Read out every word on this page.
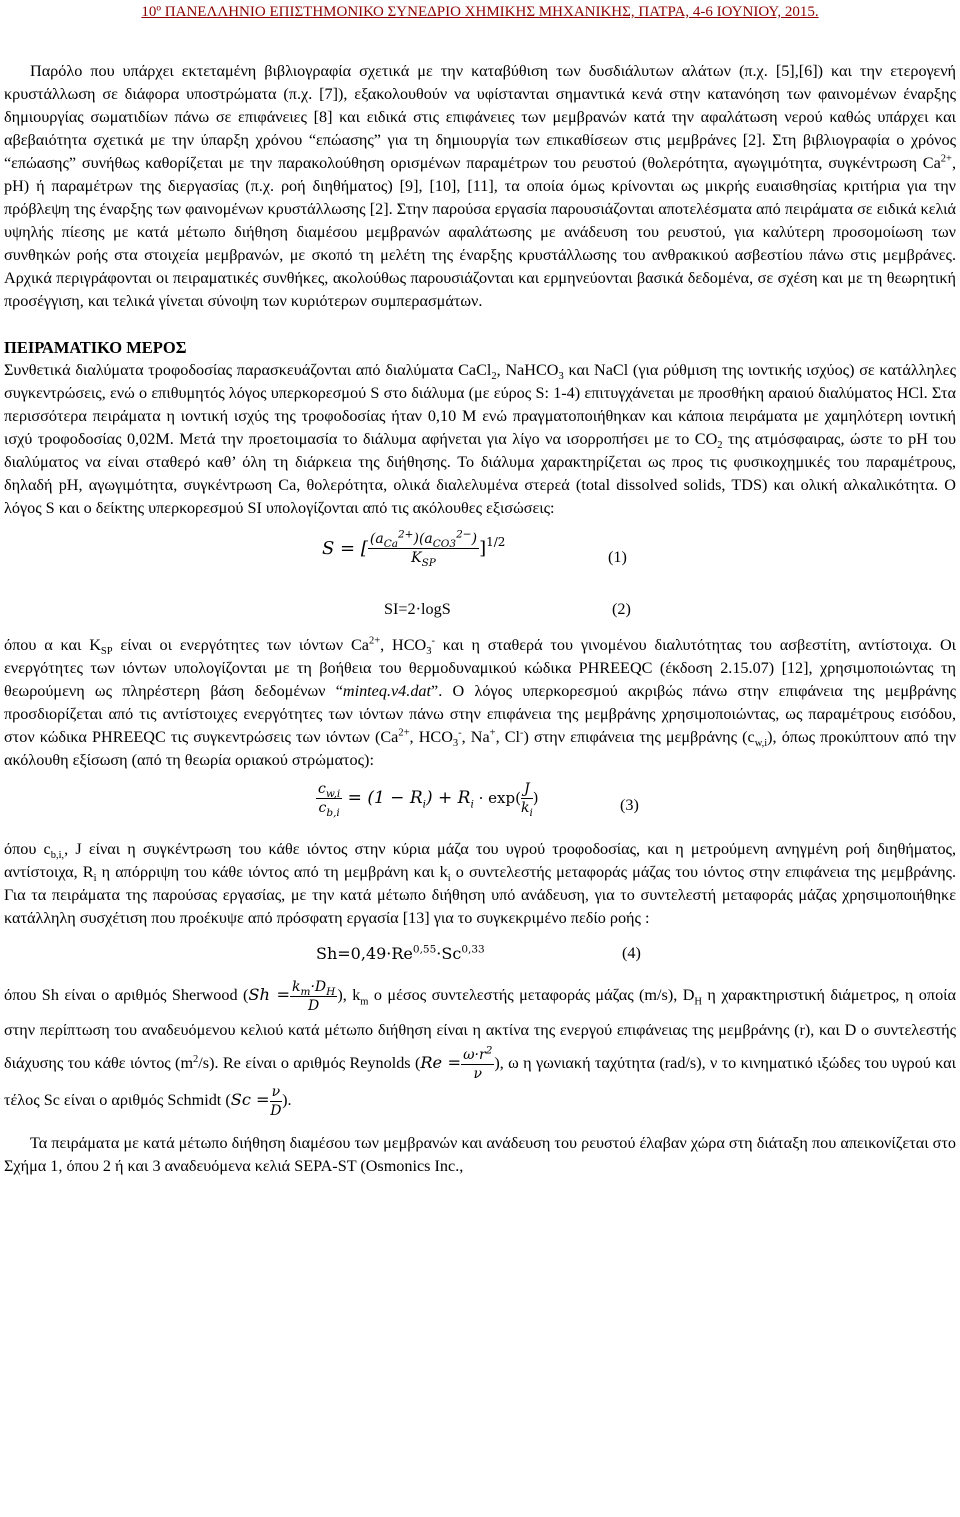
10º ΠΑΝΕΛΛΗΝΙΟ ΕΠΙΣΤΗΜΟΝΙΚΟ ΣΥΝΕΔΡΙΟ ΧΗΜΙΚΗΣ ΜΗΧΑΝΙΚΗΣ, ΠΑΤΡΑ, 4-6 ΙΟΥΝΙΟΥ, 2015.

Παρόλο που υπάρχει εκτεταμένη βιβλιογραφία σχετικά με την καταβύθιση των δυσδιάλυτων αλάτων (π.χ. [5],[6]) και την ετερογενή κρυστάλλωση σε διάφορα υποστρώματα (π.χ. [7]), εξακολουθούν να υφίστανται σημαντικά κενά στην κατανόηση των φαινομένων έναρξης δημιουργίας σωματιδίων πάνω σε επιφάνειες [8] και ειδικά στις επιφάνειες των μεμβρανών κατά την αφαλάτωση νερού καθώς υπάρχει και αβεβαιότητα σχετικά με την ύπαρξη χρόνου “επώασης” για τη δημιουργία των επικαθίσεων στις μεμβράνες [2]. Στη βιβλιογραφία ο χρόνος “επώασης” συνήθως καθορίζεται με την παρακολούθηση ορισμένων παραμέτρων του ρευστού (θολερότητα, αγωγιμότητα, συγκέντρωση $Ca^{2+}$, pH) ή παραμέτρων της διεργασίας (π.χ. ροή διηθήματος) [9], [10], [11], τα οποία όμως κρίνονται ως μικρής ευαισθησίας κριτήρια για την πρόβλεψη της έναρξης των φαινομένων κρυστάλλωσης [2]. Στην παρούσα εργασία παρουσιάζονται αποτελέσματα από πειράματα σε ειδικά κελιά υψηλής πίεσης με κατά μέτωπο διήθηση διαμέσου μεμβρανών αφαλάτωσης με ανάδευση του ρευστού, για καλύτερη προσομοίωση των συνθηκών ροής στα στοιχεία μεμβρανών, με σκοπό τη μελέτη της έναρξης κρυστάλλωσης του ανθρακικού ασβεστίου πάνω στις μεμβράνες. Αρχικά περιγράφονται οι πειραματικές συνθήκες, ακολούθως παρουσιάζονται και ερμηνεύονται βασικά δεδομένα, σε σχέση και με τη θεωρητική προσέγγιση, και τελικά γίνεται σύνοψη των κυριότερων συμπερασμάτων.

ΠΕΙΡΑΜΑΤΙΚΟ ΜΕΡΟΣ

Συνθετικά διαλύματα τροφοδοσίας παρασκευάζονται από διαλύματα CaCl$_2$, NaHCO$_3$ και NaCl (για ρύθμιση της ιοντικής ισχύος) σε κατάλληλες συγκεντρώσεις, ενώ ο επιθυμητός λόγος υπερκορεσμού S στο διάλυμα (με εύρος S: 1-4) επιτυγχάνεται με προσθήκη αραιού διαλύματος HCl. Στα περισσότερα πειράματα η ιοντική ισχύς της τροφοδοσίας ήταν 0,10 M ενώ πραγματοποιήθηκαν και κάποια πειράματα με χαμηλότερη ιοντική ισχύ τροφοδοσίας 0,02M. Μετά την προετοιμασία το διάλυμα αφήνεται για λίγο να ισορροπήσει με το $CO_2$ της ατμόσφαιρας, ώστε το pH του διαλύματος να είναι σταθερό καθ’ όλη τη διάρκεια της διήθησης. Το διάλυμα χαρακτηρίζεται ως προς τις φυσικοχημικές του παραμέτρους, δηλαδή pH, αγωγιμότητα, συγκέντρωση Ca, θολερότητα, ολικά διαλελυμένα στερεά (total dissolved solids, TDS) και ολική αλκαλικότητα. Ο λόγος S και ο δείκτης υπερκορεσμού SI υπολογίζονται από τις ακόλουθες εξισώσεις:

S = [ $\frac{(a_{Ca}^{2+})(a_{CO3}^{2-})}{K_{SP}} ]^{1/2}$
(1)
SI=2·logS	(2)

όπου α και $K_{SP}$ είναι οι ενεργότητες των ιόντων $Ca^{2+}$, $HCO_3^-$ και η σταθερά του γινομένου διαλυτότητας του ασβεστίτη, αντίστοιχα. Οι ενεργότητες των ιόντων υπολογίζονται με τη βοήθεια του θερμοδυναμικού κώδικα PHREEQC (έκδοση 2.15.07) [12], χρησιμοποιώντας τη θεωρούμενη ως πληρέστερη βάση δεδομένων “minteq.v4.dat”. Ο λόγος υπερκορεσμού ακριβώς πάνω στην επιφάνεια της μεμβράνης προσδιορίζεται από τις αντίστοιχες ενεργότητες των ιόντων πάνω στην επιφάνεια της μεμβράνης χρησιμοποιώντας, ως παραμέτρους εισόδου, στον κώδικα PHREEQC τις συγκεντρώσεις των ιόντων ($Ca^{2+}$, $HCO_3^-$, Na+, Cl-) στην επιφάνεια της μεμβράνης $(c_{w,i})$, όπως προκύπτουν από την ακόλουθη εξίσωση (από τη θεωρία οριακού στρώματος):

$\frac{c_{w,i}}{c_{b,i}} = (1 - R_i) + R_i \cdot \exp( \frac{J}{k_i}$ )	(3)

όπου $c_{b,i,}$, J είναι η συγκέντρωση του κάθε ιόντος στην κύρια μάζα του υγρού τροφοδοσίας, και η μετρούμενη ανηγμένη ροή διηθήματος, αντίστοιχα, $R_i$ η απόρριψη του κάθε ιόντος από τη μεμβράνη και $k_i$ ο συντελεστής μεταφοράς μάζας του ιόντος στην επιφάνεια της μεμβράνης. Για τα πειράματα της παρούσας εργασίας, με την κατά μέτωπο διήθηση υπό ανάδευση, για το συντελεστή μεταφοράς μάζας χρησιμοποιήθηκε κατάλληλη συσχέτιση που προέκυψε από πρόσφατη εργασία [13] για το συγκεκριμένο πεδίο ροής :

Sh=0,49·Re$^{0,55}$·Sc$^{0,33}$	(4)

όπου Sh είναι ο αριθμός Sherwood ($Sh = \frac{k_m\cdot D_H}{D}$ ), $k_m$ ο μέσος συντελεστής μεταφοράς μάζας (m/s), $D_H$ η χαρακτηριστική διάμετρος, η οποία στην περίπτωση του αναδευόμενου κελιού κατά μέτωπο διήθηση είναι η ακτίνα της ενεργού επιφάνειας της μεμβράνης (r), και D ο συντελεστής διάχυσης του κάθε ιόντος $(m^2/s)$. Re είναι ο αριθμός Reynolds ($Re = \frac{\omega\cdot r^2}{\nu}$ ), ω η γωνιακή ταχύτητα (rad/s), ν το κινηματικό ιξώδες του υγρού και τέλος Sc είναι ο αριθμός Schmidt ($Sc = \frac{\nu}{D}$ ).

Τα πειράματα με κατά μέτωπο διήθηση διαμέσου των μεμβρανών και ανάδευση του ρευστού έλαβαν χώρα στη διάταξη που απεικονίζεται στο Σχήμα 1, όπου 2 ή και 3 αναδευόμενα κελιά SEPA-ST (Osmonics Inc.,
